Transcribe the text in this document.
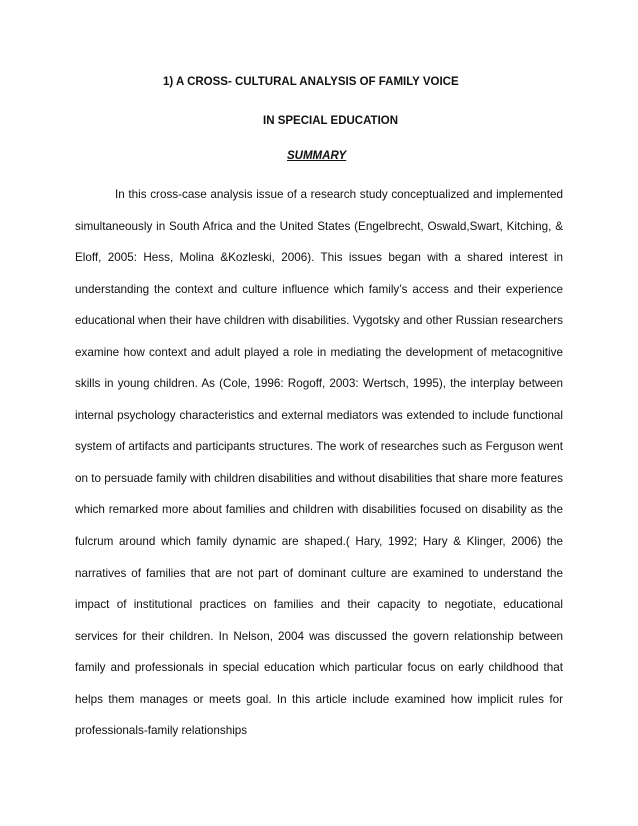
1) A CROSS- CULTURAL ANALYSIS OF FAMILY VOICE
IN SPECIAL EDUCATION
SUMMARY

In this cross-case analysis issue of a research study conceptualized and implemented simultaneously in South Africa and the United States (Engelbrecht, Oswald,Swart, Kitching, & Eloff, 2005: Hess, Molina &Kozleski, 2006). This issues began with a shared interest in understanding the context and culture influence which family’s access and their experience educational when their have children with disabilities. Vygotsky and other Russian researchers examine how context and adult played a role in mediating the development of metacognitive skills in young children. As (Cole, 1996: Rogoff, 2003: Wertsch, 1995), the interplay between internal psychology characteristics and external mediators was extended to include functional system of artifacts and participants structures. The work of researches such as Ferguson went on to persuade family with children disabilities and without disabilities that share more features which remarked more about families and children with disabilities focused on disability as the fulcrum around which family dynamic are shaped.( Hary, 1992; Hary & Klinger, 2006) the narratives of families that are not part of dominant culture are examined to understand the impact of institutional practices on families and their capacity to negotiate, educational services for their children. In Nelson, 2004 was discussed the govern relationship between family and professionals in special education which particular focus on early childhood that helps them manages or meets goal. In this article include examined how implicit rules for professionals-family relationships
